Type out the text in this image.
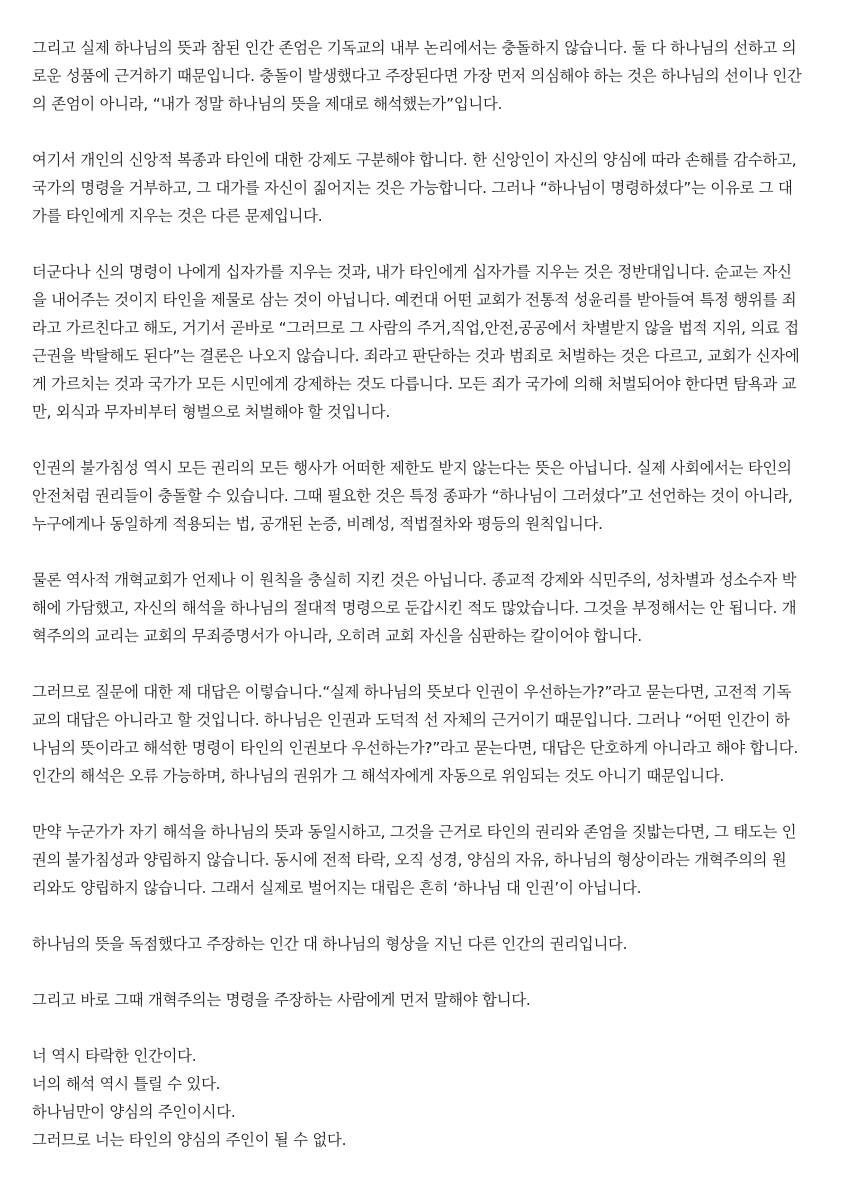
그리고 실제 하나님의 뜻과 참된 인간 존엄은 기독교의 내부 논리에서는 충돌하지 않습니다. 둘 다 하나님의 선하고 의
로운 성품에 근거하기 때문입니다. 충돌이 발생했다고 주장된다면 가장 먼저 의심해야 하는 것은 하나님의 선이나 인간
의 존엄이 아니라, “내가 정말 하나님의 뜻을 제대로 해석했는가”입니다.

여기서 개인의 신앙적 복종과 타인에 대한 강제도 구분해야 합니다. 한 신앙인이 자신의 양심에 따라 손해를 감수하고,
국가의 명령을 거부하고, 그 대가를 자신이 짊어지는 것은 가능합니다. 그러나 “하나님이 명령하셨다”는 이유로 그 대
가를 타인에게 지우는 것은 다른 문제입니다.

더군다나 신의 명령이 나에게 십자가를 지우는 것과, 내가 타인에게 십자가를 지우는 것은 정반대입니다. 순교는 자신
을 내어주는 것이지 타인을 제물로 삼는 것이 아닙니다. 예컨대 어떤 교회가 전통적 성윤리를 받아들여 특정 행위를 죄
라고 가르친다고 해도, 거기서 곧바로 “그러므로 그 사람의 주거,직업,안전,공공에서 차별받지 않을 법적 지위, 의료 접
근권을 박탈해도 된다”는 결론은 나오지 않습니다. 죄라고 판단하는 것과 범죄로 처벌하는 것은 다르고, 교회가 신자에
게 가르치는 것과 국가가 모든 시민에게 강제하는 것도 다릅니다. 모든 죄가 국가에 의해 처벌되어야 한다면 탐욕과 교
만, 외식과 무자비부터 형벌으로 처벌해야 할 것입니다.

인권의 불가침성 역시 모든 권리의 모든 행사가 어떠한 제한도 받지 않는다는 뜻은 아닙니다. 실제 사회에서는 타인의
안전처럼 권리들이 충돌할 수 있습니다. 그때 필요한 것은 특정 종파가 “하나님이 그러셨다”고 선언하는 것이 아니라,
누구에게나 동일하게 적용되는 법, 공개된 논증, 비례성, 적법절차와 평등의 원칙입니다.

물론 역사적 개혁교회가 언제나 이 원칙을 충실히 지킨 것은 아닙니다. 종교적 강제와 식민주의, 성차별과 성소수자 박
해에 가담했고, 자신의 해석을 하나님의 절대적 명령으로 둔갑시킨 적도 많았습니다. 그것을 부정해서는 안 됩니다. 개
혁주의의 교리는 교회의 무죄증명서가 아니라, 오히려 교회 자신을 심판하는 칼이어야 합니다.

그러므로 질문에 대한 제 대답은 이렇습니다.“실제 하나님의 뜻보다 인권이 우선하는가?”라고 묻는다면, 고전적 기독
교의 대답은 아니라고 할 것입니다. 하나님은 인권과 도덕적 선 자체의 근거이기 때문입니다. 그러나 “어떤 인간이 하
나님의 뜻이라고 해석한 명령이 타인의 인권보다 우선하는가?”라고 묻는다면, 대답은 단호하게 아니라고 해야 합니다.
인간의 해석은 오류 가능하며, 하나님의 권위가 그 해석자에게 자동으로 위임되는 것도 아니기 때문입니다.

만약 누군가가 자기 해석을 하나님의 뜻과 동일시하고, 그것을 근거로 타인의 권리와 존엄을 짓밟는다면, 그 태도는 인
권의 불가침성과 양립하지 않습니다. 동시에 전적 타락, 오직 성경, 양심의 자유, 하나님의 형상이라는 개혁주의의 원
리와도 양립하지 않습니다. 그래서 실제로 벌어지는 대립은 흔히 ‘하나님 대 인권’이 아닙니다.

하나님의 뜻을 독점했다고 주장하는 인간 대 하나님의 형상을 지닌 다른 인간의 권리입니다.

그리고 바로 그때 개혁주의는 명령을 주장하는 사람에게 먼저 말해야 합니다.

너 역시 타락한 인간이다.
너의 해석 역시 틀릴 수 있다.
하나님만이 양심의 주인이시다.
그러므로 너는 타인의 양심의 주인이 될 수 없다.
